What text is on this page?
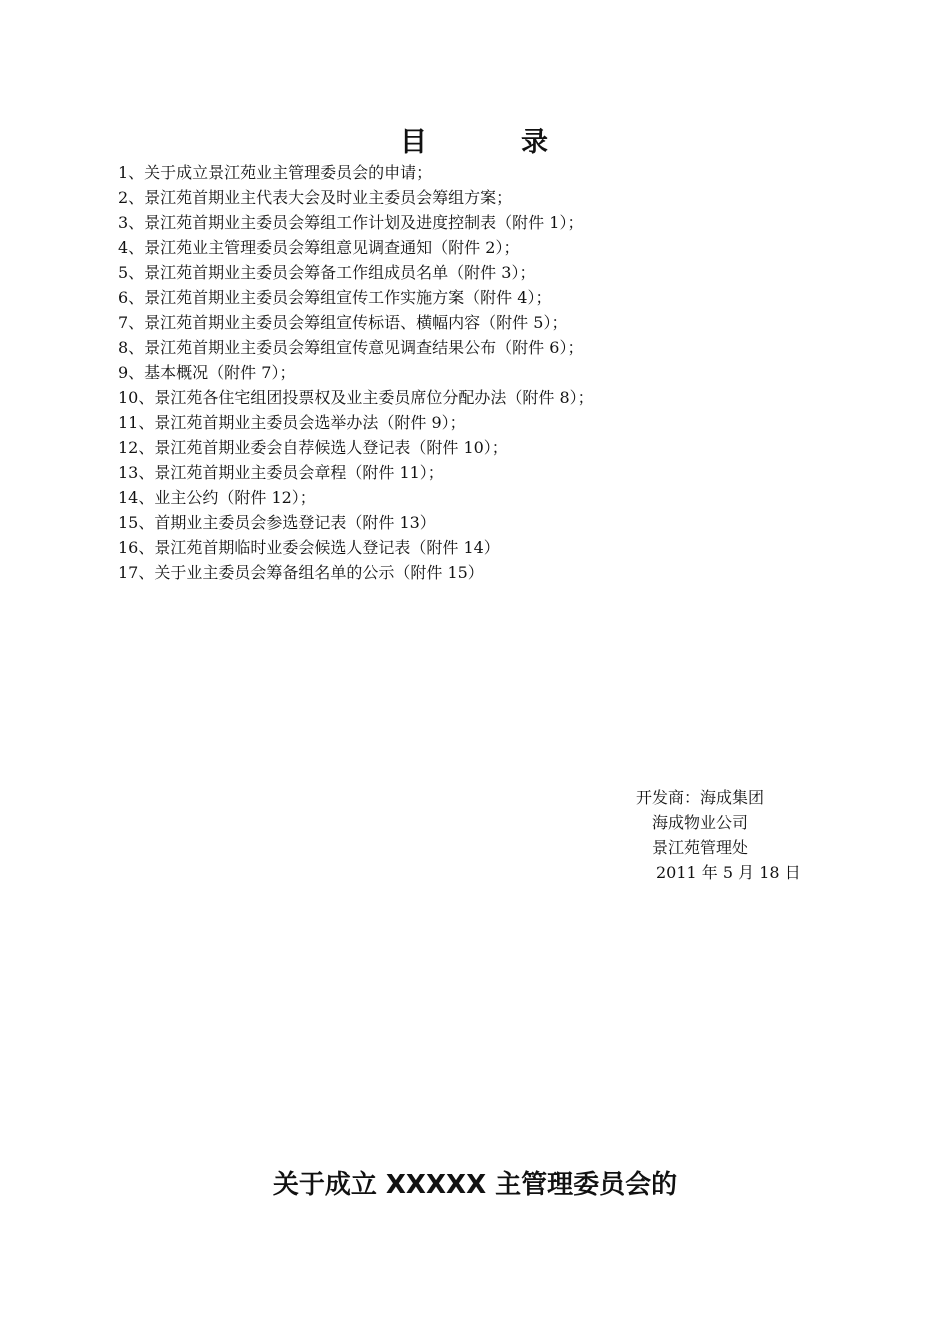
目	录
1、关于成立景江苑业主管理委员会的申请；
2、景江苑首期业主代表大会及时业主委员会筹组方案；
3、景江苑首期业主委员会筹组工作计划及进度控制表（附件 1）；
4、景江苑业主管理委员会筹组意见调查通知（附件 2）；
5、景江苑首期业主委员会筹备工作组成员名单（附件 3）；
6、景江苑首期业主委员会筹组宣传工作实施方案（附件 4）；
7、景江苑首期业主委员会筹组宣传标语、横幅内容（附件 5）；
8、景江苑首期业主委员会筹组宣传意见调查结果公布（附件 6）；
9、基本概况（附件 7）；
10、景江苑各住宅组团投票权及业主委员席位分配办法（附件 8）；
11、景江苑首期业主委员会选举办法（附件 9）；
12、景江苑首期业委会自荐候选人登记表（附件 10）；
13、景江苑首期业主委员会章程（附件 11）；
14、业主公约（附件 12）；
15、首期业主委员会参选登记表（附件 13）
16、景江苑首期临时业委会候选人登记表（附件 14）
17、关于业主委员会筹备组名单的公示（附件 15）
开发商：海成集团
海成物业公司
景江苑管理处
2011 年 5 月 18 日
关于成立 XXXXX 主管理委员会的
